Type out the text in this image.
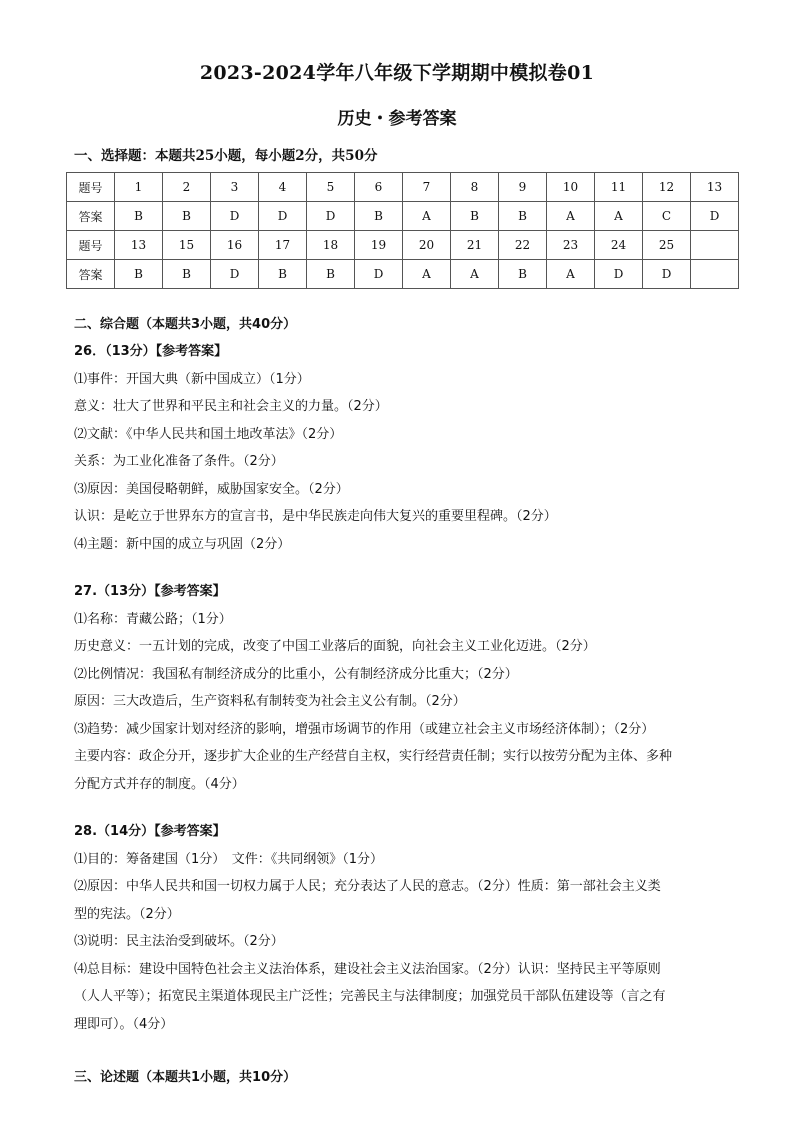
2023-2024学年八年级下学期期中模拟卷01
历史・参考答案
一、选择题：本题共25小题，每小题2分，共50分
题号	1	2	3	4	5	6	7	8	9	10	11	12	13
答案	B	B	D	D	D	B	A	B	B	A	A	C	D
题号	13	15	16	17	18	19	20	21	22	23	24	25	
答案	B	B	D	B	B	D	A	A	B	A	D	D	
二、综合题（本题共3小题，共40分）
26．（13分）【参考答案】
⑴事件：开国大典（新中国成立）（1分）
意义：壮大了世界和平民主和社会主义的力量。（2分）
⑵文献：《中华人民共和国土地改革法》（2分）
关系：为工业化准备了条件。（2分）
⑶原因：美国侵略朝鲜，威胁国家安全。（2分）
认识：是屹立于世界东方的宣言书，是中华民族走向伟大复兴的重要里程碑。（2分）
⑷主题：新中国的成立与巩固（2分）
27.（13分）【参考答案】
⑴名称：青藏公路；（1分）
历史意义：一五计划的完成，改变了中国工业落后的面貌，向社会主义工业化迈进。（2分）
⑵比例情况：我国私有制经济成分的比重小，公有制经济成分比重大；（2分）
原因：三大改造后，生产资料私有制转变为社会主义公有制。（2分）
⑶趋势：减少国家计划对经济的影响，增强市场调节的作用（或建立社会主义市场经济体制）；（2分）
主要内容：政企分开，逐步扩大企业的生产经营自主权，实行经营责任制；实行以按劳分配为主体、多种
分配方式并存的制度。（4分）
28.（14分）【参考答案】
⑴目的：筹备建国（1分）　文件：《共同纲领》（1分）
⑵原因：中华人民共和国一切权力属于人民；充分表达了人民的意志。（2分）性质：第一部社会主义类
型的宪法。（2分）
⑶说明：民主法治受到破坏。（2分）
⑷总目标：建设中国特色社会主义法治体系，建设社会主义法治国家。（2分）认识：坚持民主平等原则
（人人平等）；拓宽民主渠道体现民主广泛性；完善民主与法律制度；加强党员干部队伍建设等（言之有
理即可）。（4分）
三、论述题（本题共1小题，共10分）
